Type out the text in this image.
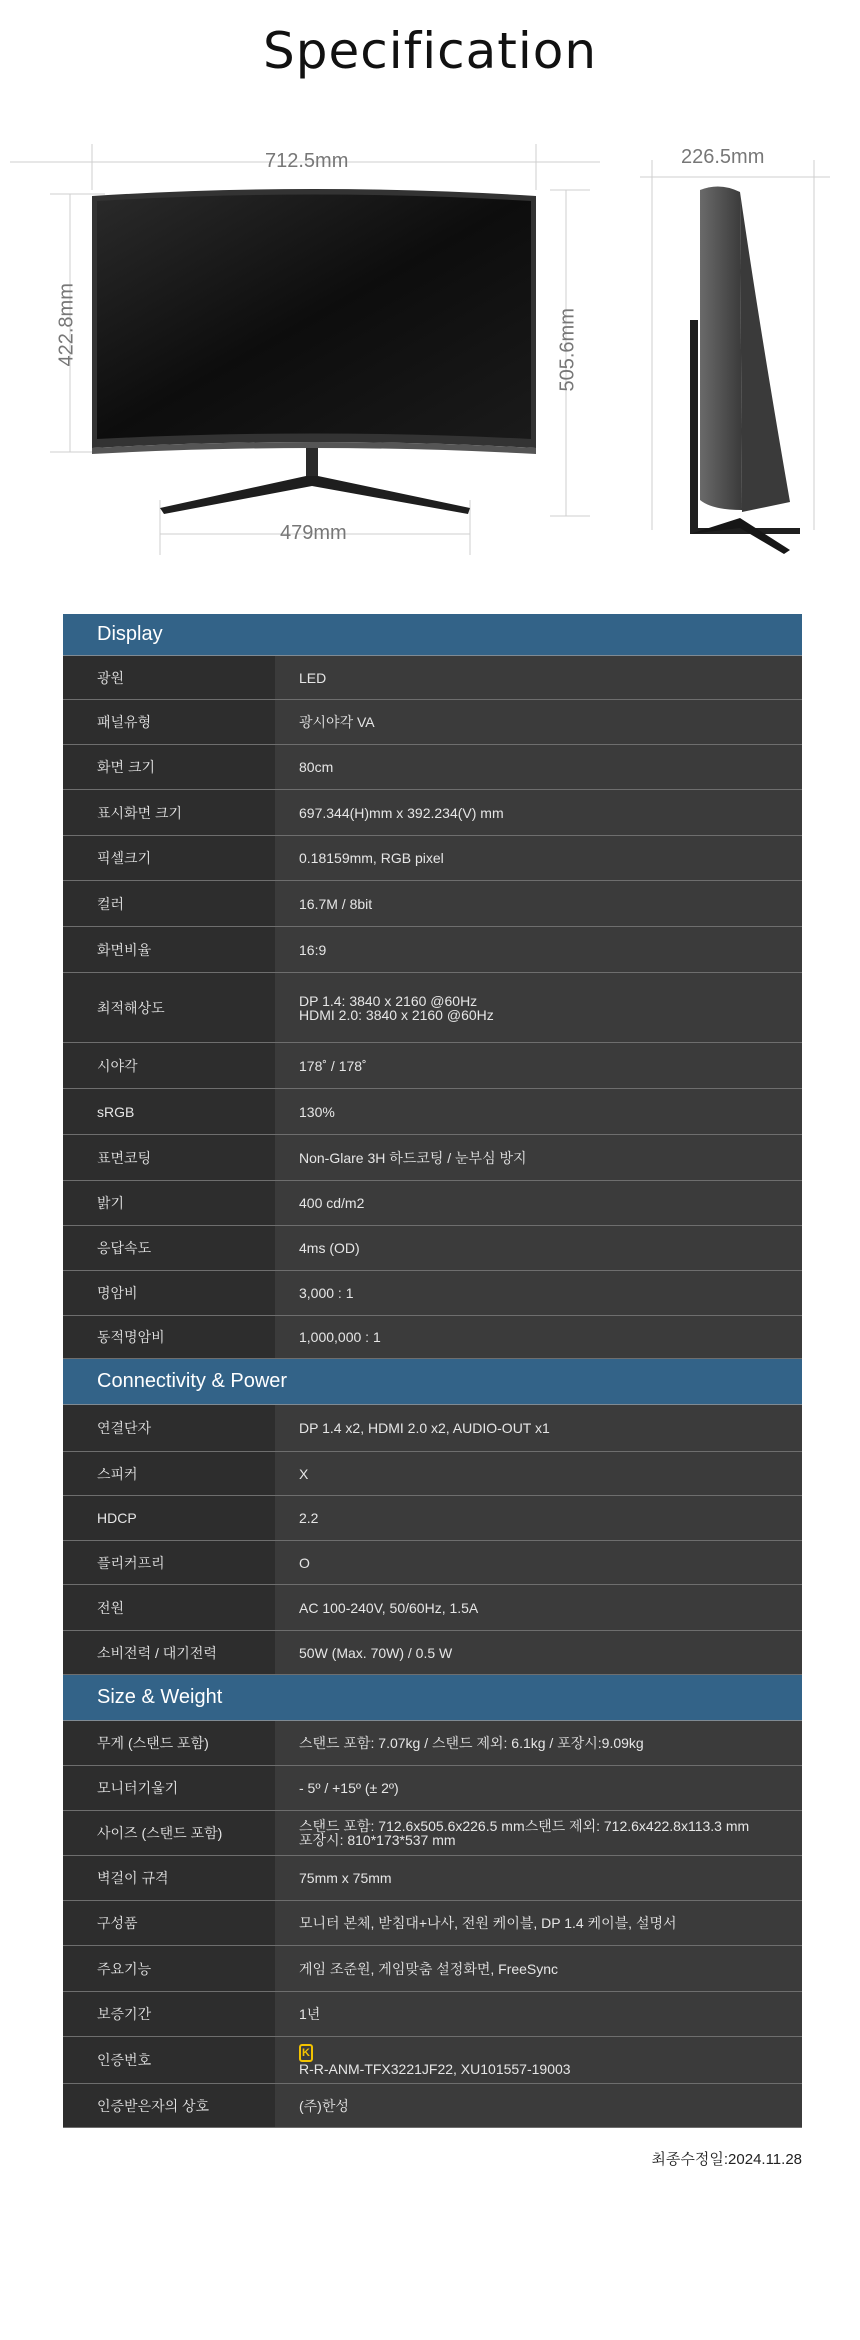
Specification
712.5mm
422.8mm	505.6mm
479mm
226.5mm
Display
광원	LED
패널유형	광시야각 VA
화면 크기	80cm
표시화면 크기	697.344(H)mm x 392.234(V) mm
픽셀크기	0.18159mm, RGB pixel
컬러	16.7M / 8bit
화면비율	16:9
최적해상도	DP 1.4: 3840 x 2160 @60Hz
HDMI 2.0: 3840 x 2160 @60Hz
시야각	178˚ / 178˚
sRGB	130%
표면코팅	Non-Glare 3H 하드코팅 / 눈부심 방지
밝기	400 cd/m2
응답속도	4ms (OD)
명암비	3,000 : 1
동적명암비	1,000,000 : 1
Connectivity & Power
연결단자	DP 1.4 x2, HDMI 2.0 x2, AUDIO-OUT x1
스피커	X
HDCP	2.2
플리커프리	O
전원	AC 100-240V, 50/60Hz, 1.5A
소비전력 / 대기전력	50W (Max. 70W) / 0.5 W
Size & Weight
무게 (스탠드 포함)	스탠드 포함: 7.07kg / 스탠드 제외: 6.1kg / 포장시:9.09kg
모니터기울기	- 5º / +15º (± 2º)
사이즈 (스탠드 포함)	스탠드 포함: 712.6x505.6x226.5 mm스탠드 제외: 712.6x422.8x113.3 mm
포장시: 810*173*537 mm
벽걸이 규격	75mm x 75mm
구성품	모니터 본체, 받침대+나사, 전원 케이블, DP 1.4 케이블, 설명서
주요기능	게임 조준원, 게임맞춤 설정화면, FreeSync
보증기간	1년
인증번호	K
R-R-ANM-TFX3221JF22, XU101557-19003
인증받은자의 상호	(주)한성
최종수정일:2024.11.28
